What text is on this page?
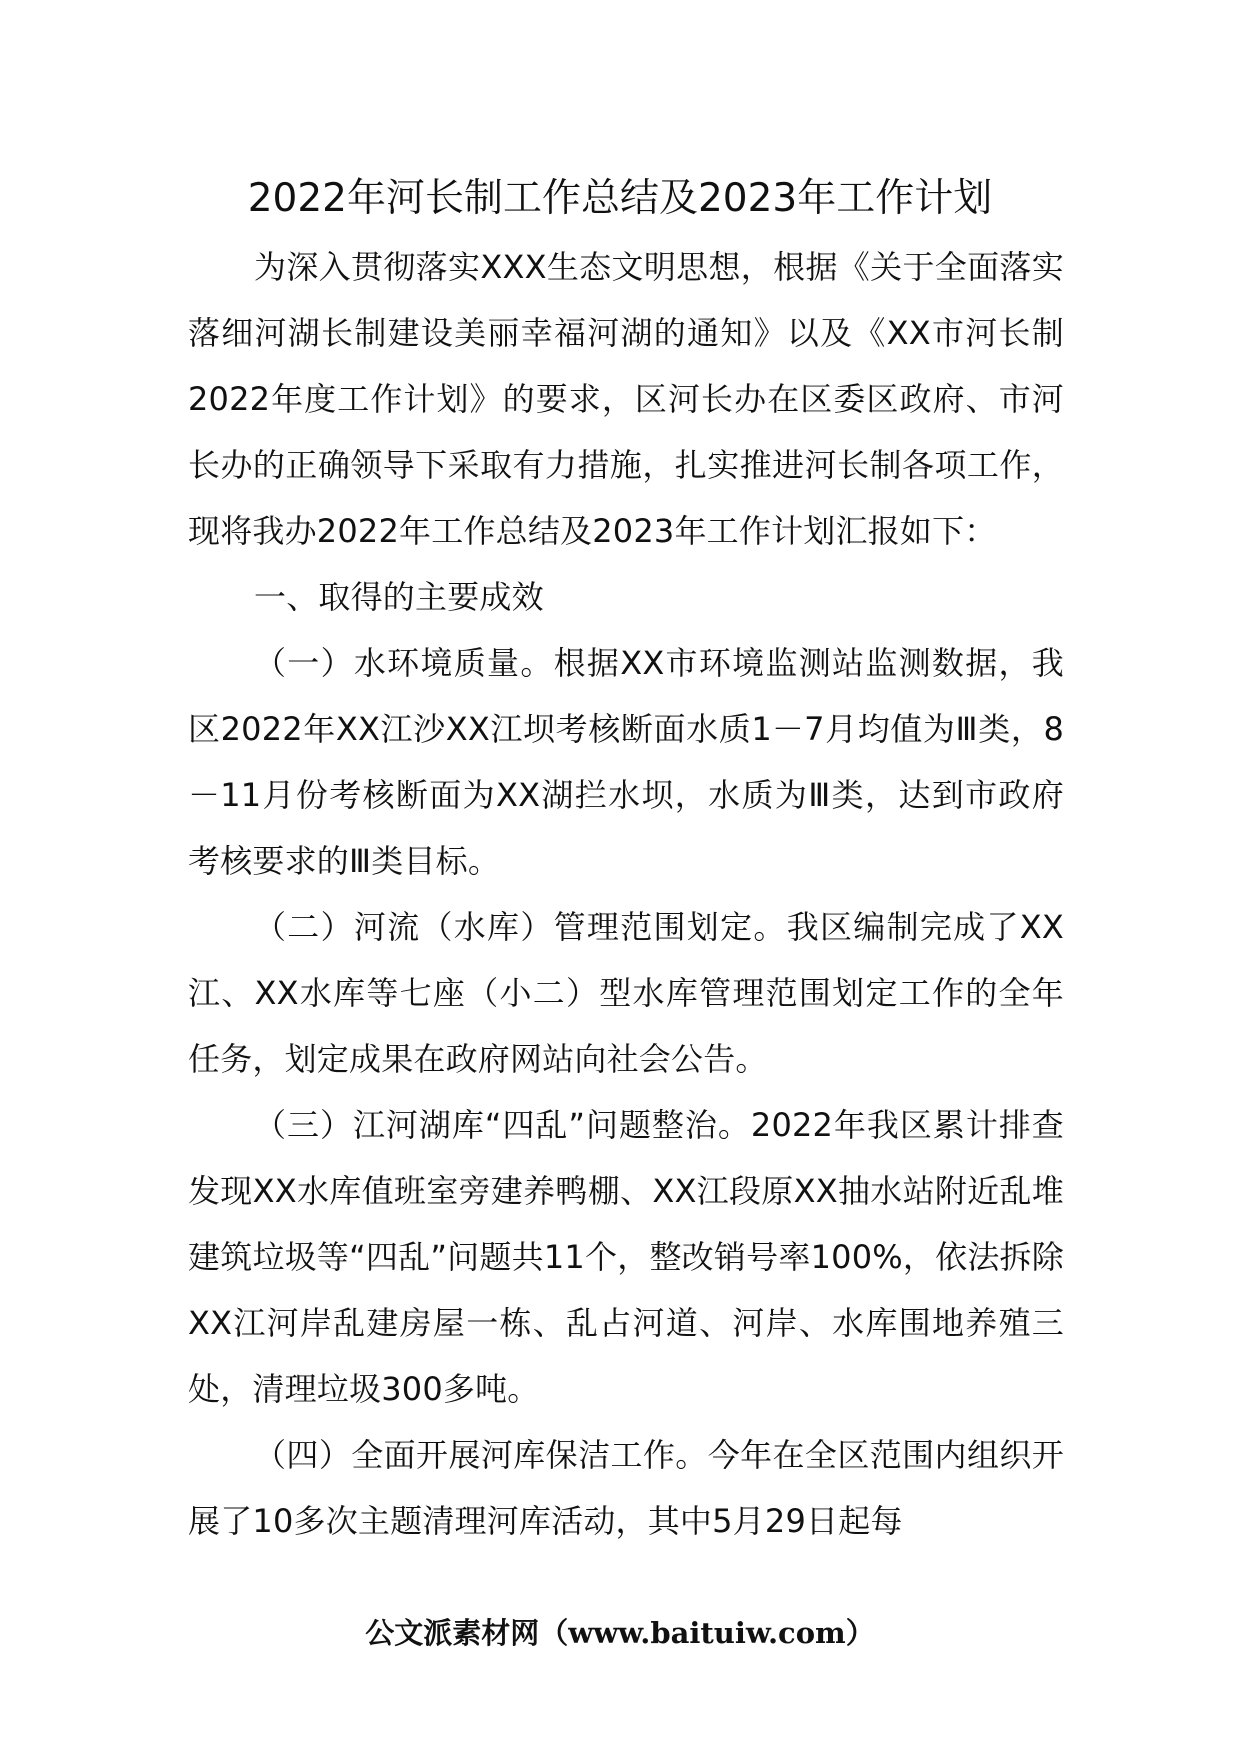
2022年河长制工作总结及2023年工作计划

为深入贯彻落实XXX生态文明思想，根据《关于全面落实落细河湖长制建设美丽幸福河湖的通知》以及《XX市河长制2022年度工作计划》的要求，区河长办在区委区政府、市河长办的正确领导下采取有力措施，扎实推进河长制各项工作，现将我办2022年工作总结及2023年工作计划汇报如下：

一、取得的主要成效

（一）水环境质量。根据XX市环境监测站监测数据，我区2022年XX江沙XX江坝考核断面水质1－7月均值为Ⅲ类，8－11月份考核断面为XX湖拦水坝，水质为Ⅲ类，达到市政府考核要求的Ⅲ类目标。

（二）河流（水库）管理范围划定。我区编制完成了XX江、XX水库等七座（小二）型水库管理范围划定工作的全年任务，划定成果在政府网站向社会公告。

（三）江河湖库“四乱”问题整治。2022年我区累计排查发现XX水库值班室旁建养鸭棚、XX江段原XX抽水站附近乱堆建筑垃圾等“四乱”问题共11个，整改销号率100%，依法拆除XX江河岸乱建房屋一栋、乱占河道、河岸、水库围地养殖三处，清理垃圾300多吨。

（四）全面开展河库保洁工作。今年在全区范围内组织开展了10多次主题清理河库活动，其中5月29日起每

公文派素材网（www.baituiw.com）
